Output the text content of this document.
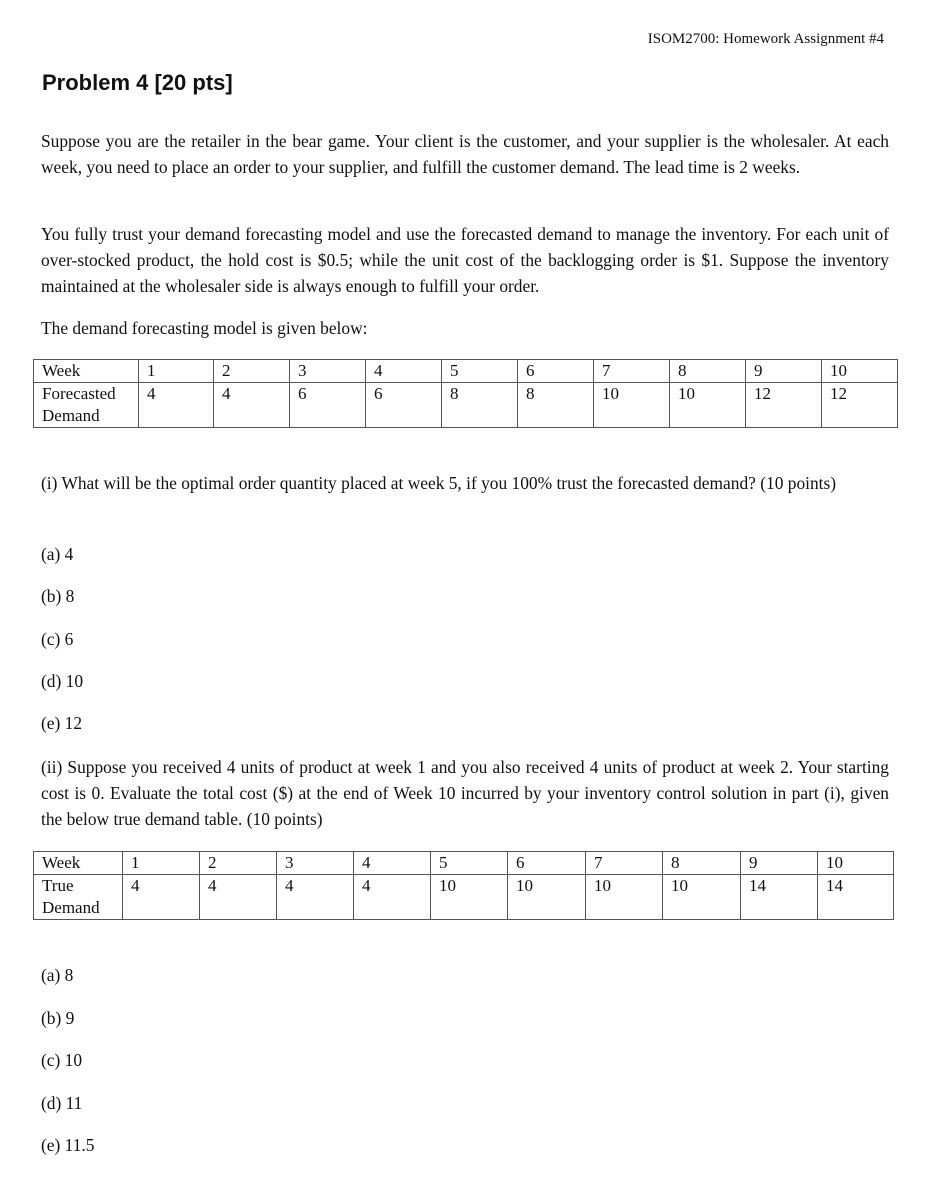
ISOM2700: Homework Assignment #4
Problem 4 [20 pts]

Suppose you are the retailer in the bear game. Your client is the customer, and your supplier is the wholesaler. At each week, you need to place an order to your supplier, and fulfill the customer demand. The lead time is 2 weeks.

You fully trust your demand forecasting model and use the forecasted demand to manage the inventory. For each unit of over-stocked product, the hold cost is $0.5; while the unit cost of the backlogging order is $1. Suppose the inventory maintained at the wholesaler side is always enough to fulfill your order.

The demand forecasting model is given below:

Week	1	2	3	4	5	6	7	8	9	10
Forecasted Demand	4	4	6	6	8	8	10	10	12	12

(i) What will be the optimal order quantity placed at week 5, if you 100% trust the forecasted demand? (10 points)

(a) 4
(b) 8
(c) 6
(d) 10
(e) 12

(ii) Suppose you received 4 units of product at week 1 and you also received 4 units of product at week 2. Your starting cost is 0. Evaluate the total cost ($) at the end of Week 10 incurred by your inventory control solution in part (i), given the below true demand table. (10 points)

Week	1	2	3	4	5	6	7	8	9	10
True Demand	4	4	4	4	10	10	10	10	14	14
(a) 8
(b) 9
(c) 10
(d) 11
(e) 11.5
